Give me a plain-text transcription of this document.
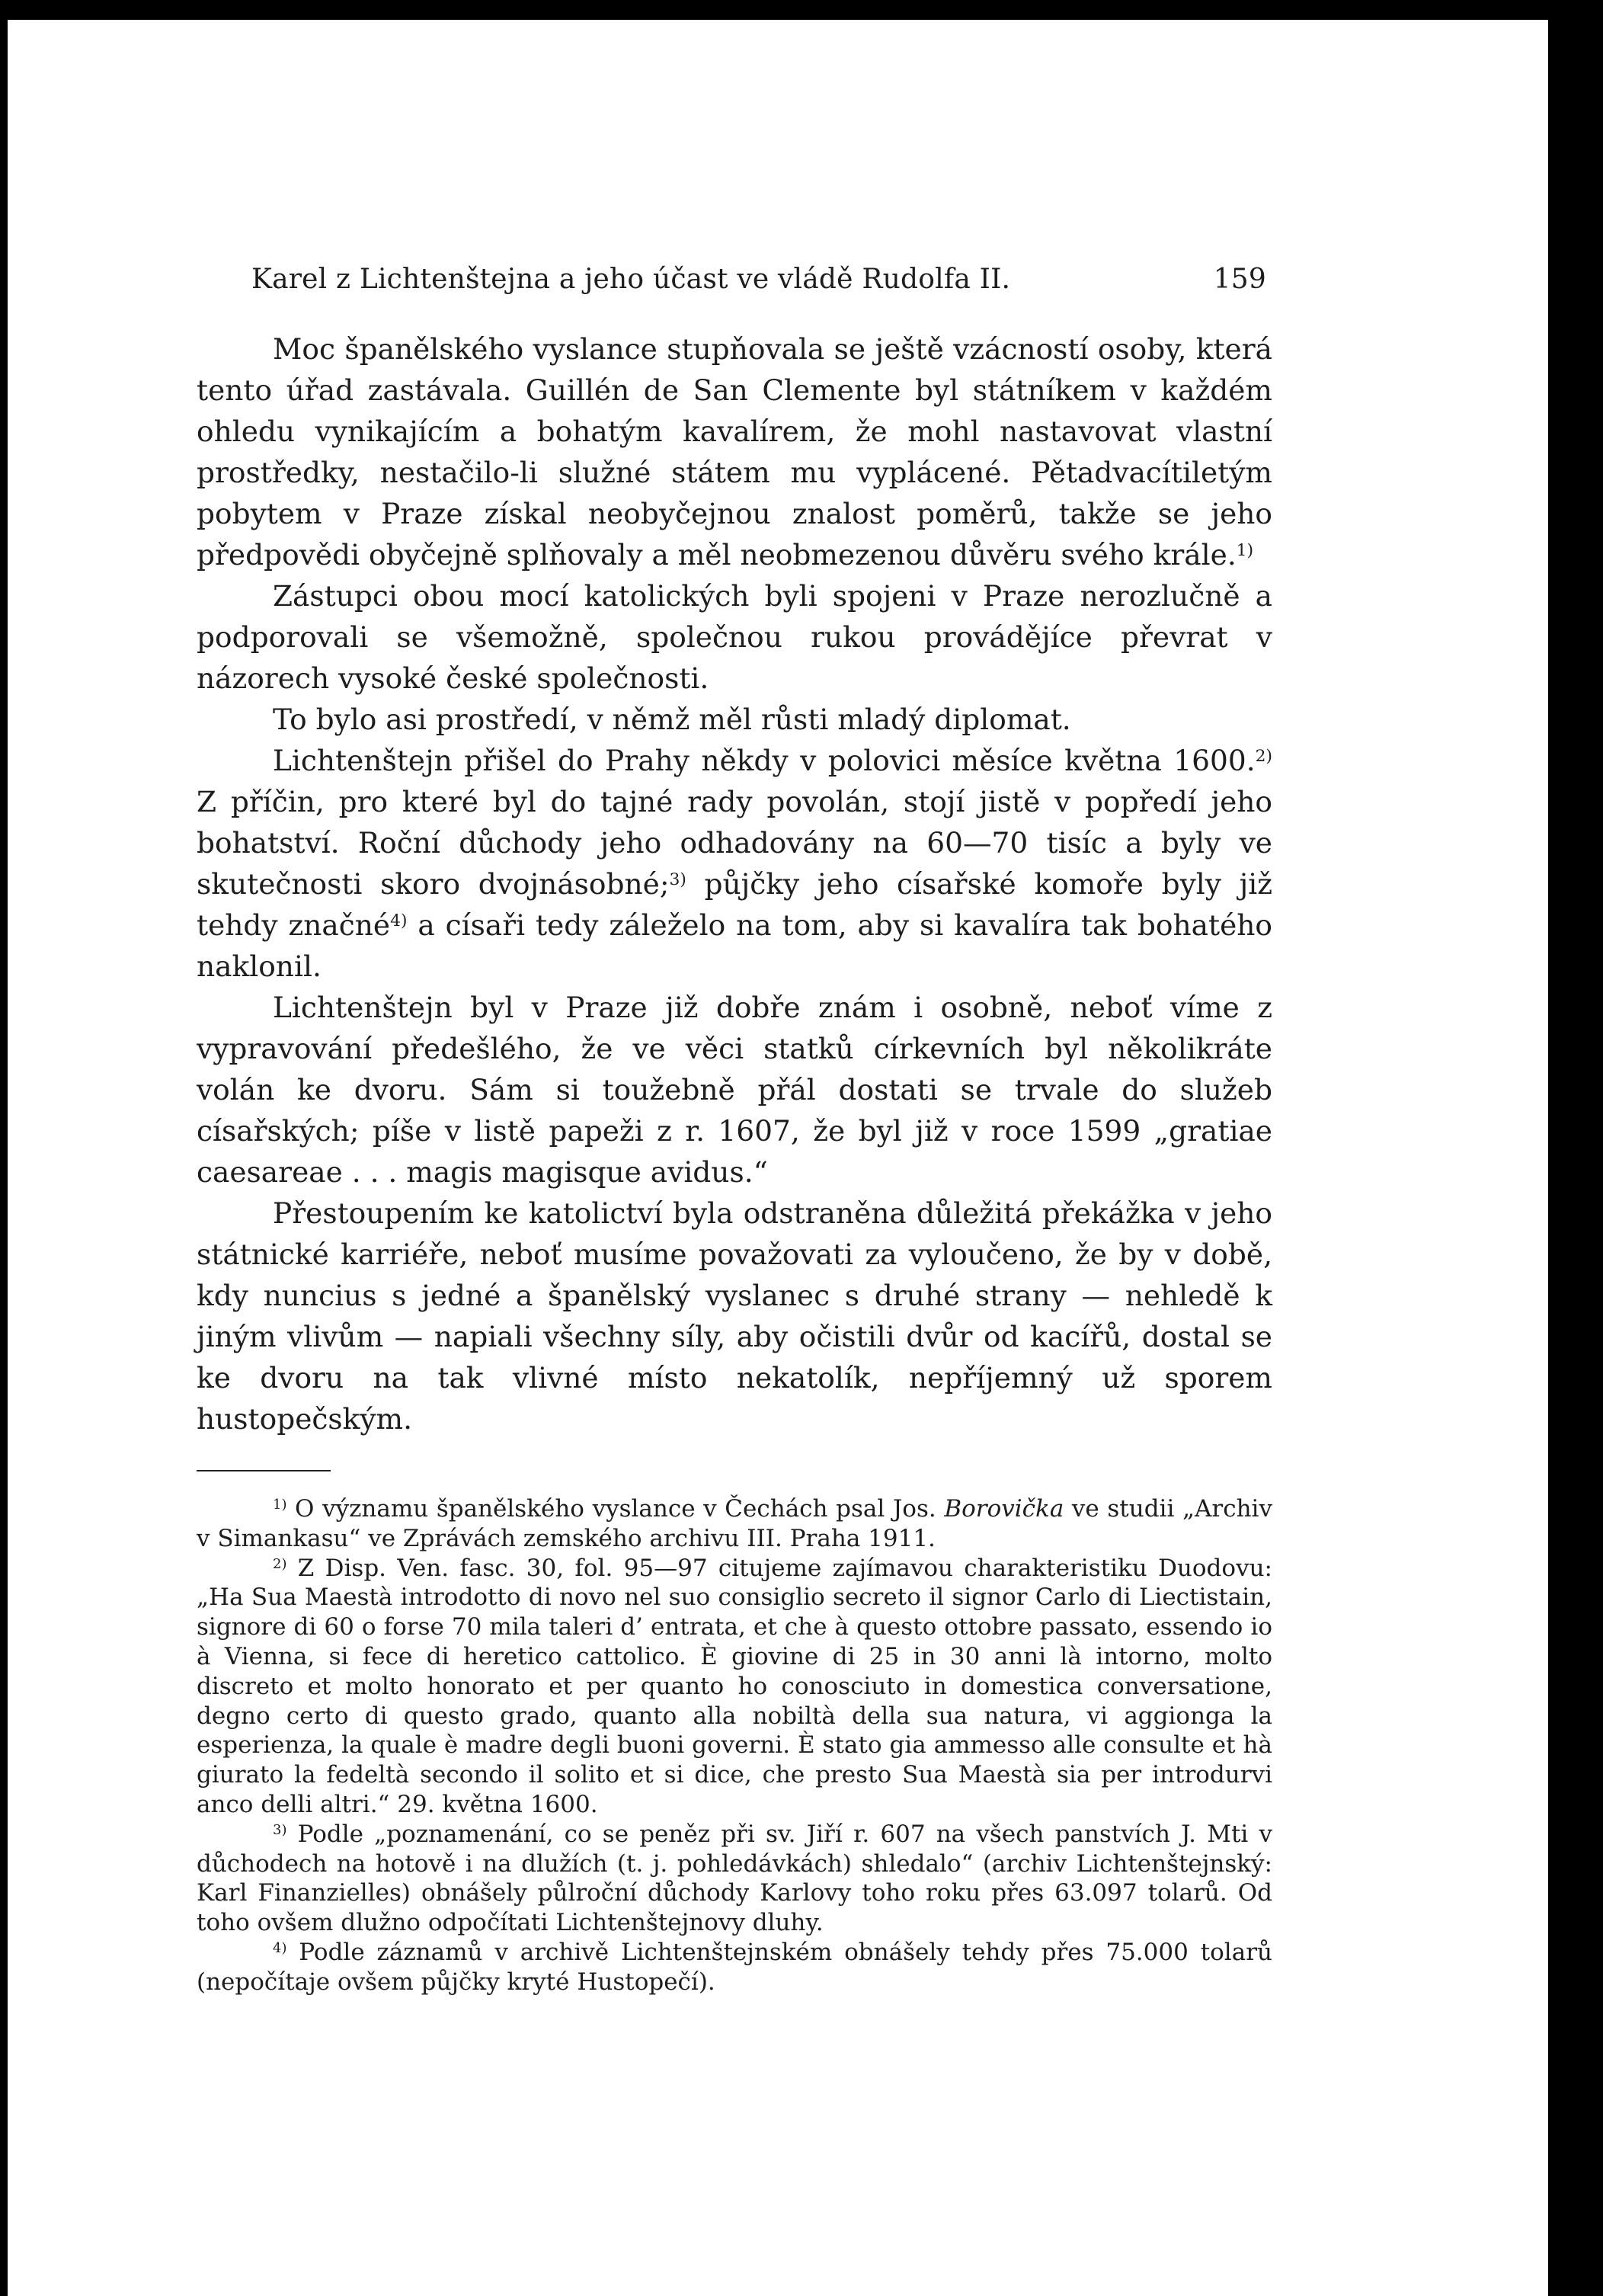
Karel z Lichtenštejna a jeho účast ve vládě Rudolfa II.	159

Moc španělského vyslance stupňovala se ještě vzácností osoby, která tento úřad zastávala. Guillén de San Clemente byl státníkem v každém ohledu vynikajícím a bohatým kavalírem, že mohl nastavovat vlastní prostředky, nestačilo-li služné státem mu vyplácené. Pětadvacítiletým pobytem v Praze získal neobyčejnou znalost poměrů, takže se jeho předpovědi obyčejně splňovaly a měl neobmezenou důvěru svého krále.$^{1)}$

Zástupci obou mocí katolických byli spojeni v Praze nerozlučně a podporovali se všemožně, společnou rukou provádějíce převrat v názorech vysoké české společnosti.

To bylo asi prostředí, v němž měl růsti mladý diplomat.

Lichtenštejn přišel do Prahy někdy v polovici měsíce května 1600.$^{2)}$ Z příčin, pro které byl do tajné rady povolán, stojí jistě v popředí jeho bohatství. Roční důchody jeho odhadovány na 60—70 tisíc a byly ve skutečnosti skoro dvojnásobné;$^{3)}$ půjčky jeho císařské komoře byly již tehdy značné$^{4)}$ a císaři tedy záleželo na tom, aby si kavalíra tak bohatého naklonil.

Lichtenštejn byl v Praze již dobře znám i osobně, neboť víme z vypravování předešlého, že ve věci statků církevních byl několikráte volán ke dvoru. Sám si toužebně přál dostati se trvale do služeb císařských; píše v listě papeži z r. 1607, že byl již v roce 1599 „gratiae caesareae . . . magis magisque avidus.“

Přestoupením ke katolictví byla odstraněna důležitá překážka v jeho státnické karriéře, neboť musíme považovati za vyloučeno, že by v době, kdy nuncius s jedné a španělský vyslanec s druhé strany — nehledě k jiným vlivům — napiali všechny síly, aby očistili dvůr od kacířů, dostal se ke dvoru na tak vlivné místo nekatolík, nepříjemný už sporem hustopečským.

$^{1)}$ O významu španělského vyslance v Čechách psal Jos. Borovička ve studii „Archiv v Simankasu“ ve Zprávách zemského archivu III. Praha 1911.

$^{2)}$ Z Disp. Ven. fasc. 30, fol. 95—97 citujeme zajímavou charakteristiku Duodovu: „Ha Sua Maestà introdotto di novo nel suo consiglio secreto il signor Carlo di Liectistain, signore di 60 o forse 70 mila taleri d’ entrata, et che à questo ottobre passato, essendo io à Vienna, si fece di heretico cattolico. È giovine di 25 in 30 anni là intorno, molto discreto et molto honorato et per quanto ho conosciuto in domestica conversatione, degno certo di questo grado, quanto alla nobiltà della sua natura, vi aggionga la esperienza, la quale è madre degli buoni governi. È stato gia ammesso alle consulte et hà giurato la fedeltà secondo il solito et si dice, che presto Sua Maestà sia per introdurvi anco delli altri.“ 29. května 1600.

$^{3)}$ Podle „poznamenání, co se peněz při sv. Jiří r. 607 na všech panstvích J. Mti v důchodech na hotově i na dlužích (t. j. pohledávkách) shledalo“ (archiv Lichtenštejnský: Karl Finanzielles) obnášely půlroční důchody Karlovy toho roku přes 63.097 tolarů. Od toho ovšem dlužno odpočítati Lichtenštejnovy dluhy.

$^{4)}$ Podle záznamů v archivě Lichtenštejnském obnášely tehdy přes 75.000 tolarů (nepočítaje ovšem půjčky kryté Hustopečí).
